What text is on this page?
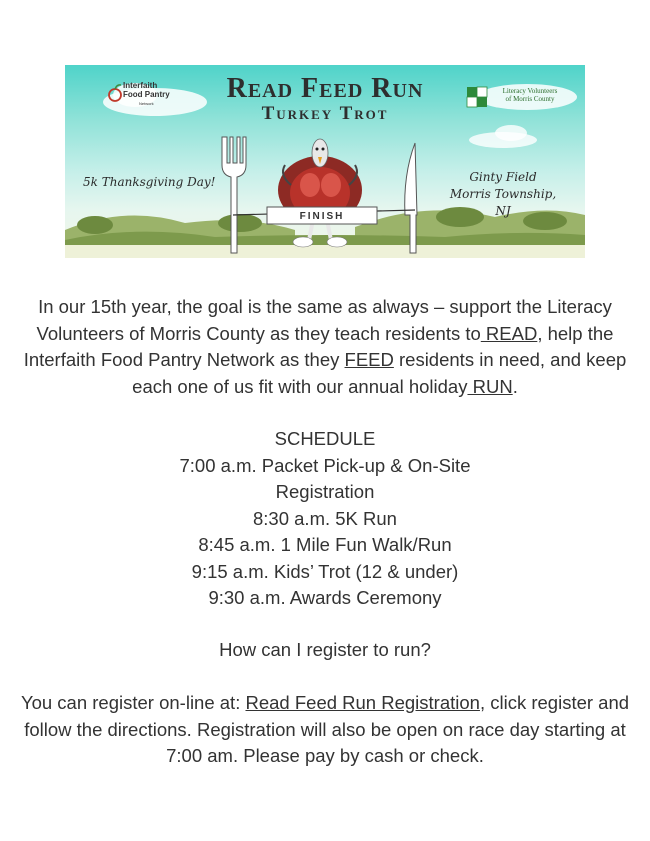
Interfaith
Food Pantry
Network
Literacy Volunteers
of Morris County
Read Feed Run
Turkey Trot
5k Thanksgiving Day!	Ginty Field
Morris Township, NJ
FINISH

In our 15th year, the goal is the same as always – support the Literacy Volunteers of Morris County as they teach residents to READ, help the Interfaith Food Pantry Network as they FEED residents in need, and keep each one of us fit with our annual holiday RUN.

SCHEDULE

7:00 a.m. Packet Pick-up & On-Site Registration

8:30 a.m. 5K Run

8:45 a.m. 1 Mile Fun Walk/Run

9:15 a.m. Kids’ Trot (12 & under)

9:30 a.m. Awards Ceremony

How can I register to run?

You can register on-line at: Read Feed Run Registration, click register and follow the directions. Registration will also be open on race day starting at 7:00 am. Please pay by cash or check.
